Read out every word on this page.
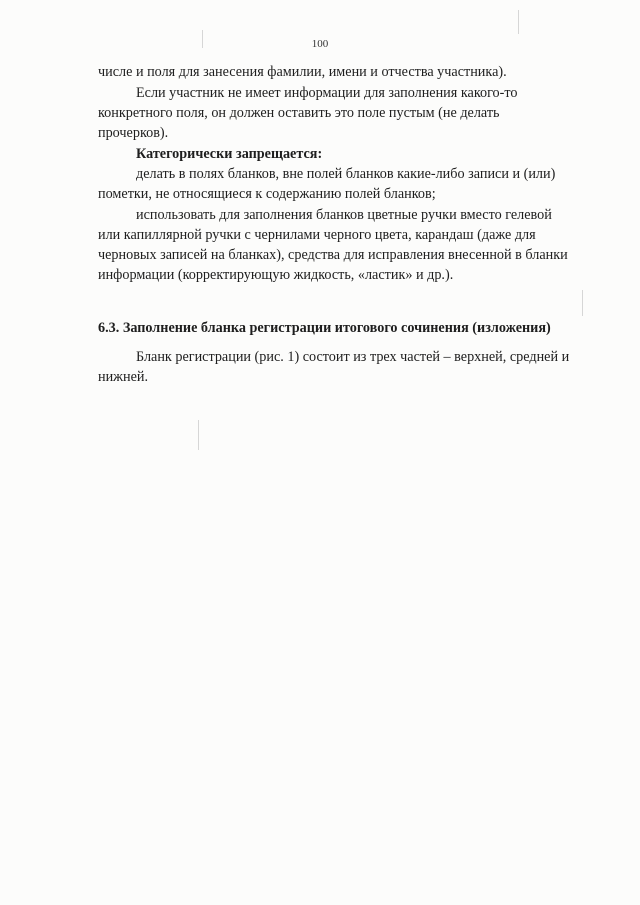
100

числе и поля для занесения фамилии, имени и отчества участника).

Если участник не имеет информации для заполнения какого-то
конкретного поля, он должен оставить это поле пустым (не делать
прочерков).

Категорически запрещается:

делать в полях бланков, вне полей бланков какие-либо записи и (или)
пометки, не относящиеся к содержанию полей бланков;

использовать для заполнения бланков цветные ручки вместо гелевой
или капиллярной ручки с чернилами черного цвета, карандаш (даже для
черновых записей на бланках), средства для исправления внесенной в бланки
информации (корректирующую жидкость, «ластик» и др.).

6.3. Заполнение бланка регистрации итогового сочинения (изложения)

Бланк регистрации (рис. 1) состоит из трех частей – верхней, средней и
нижней.
